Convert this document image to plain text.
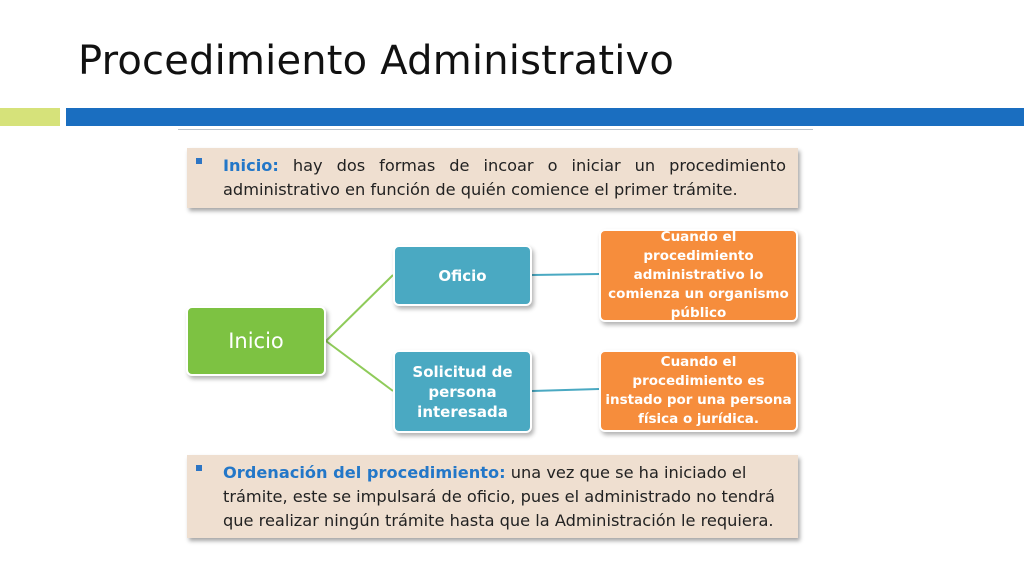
Procedimiento Administrativo
Inicio: hay dos formas de incoar o iniciar un procedimiento administrativo en función de quién comience el primer trámite.
Inicio
Oficio
Solicitud de persona interesada
Cuando el procedimiento administrativo lo comienza un organismo público
Cuando el procedimiento es instado por una persona física o jurídica.
Ordenación del procedimiento: una vez que se ha iniciado el trámite, este se impulsará de oficio, pues el administrado no tendrá que realizar ningún trámite hasta que la Administración le requiera.
